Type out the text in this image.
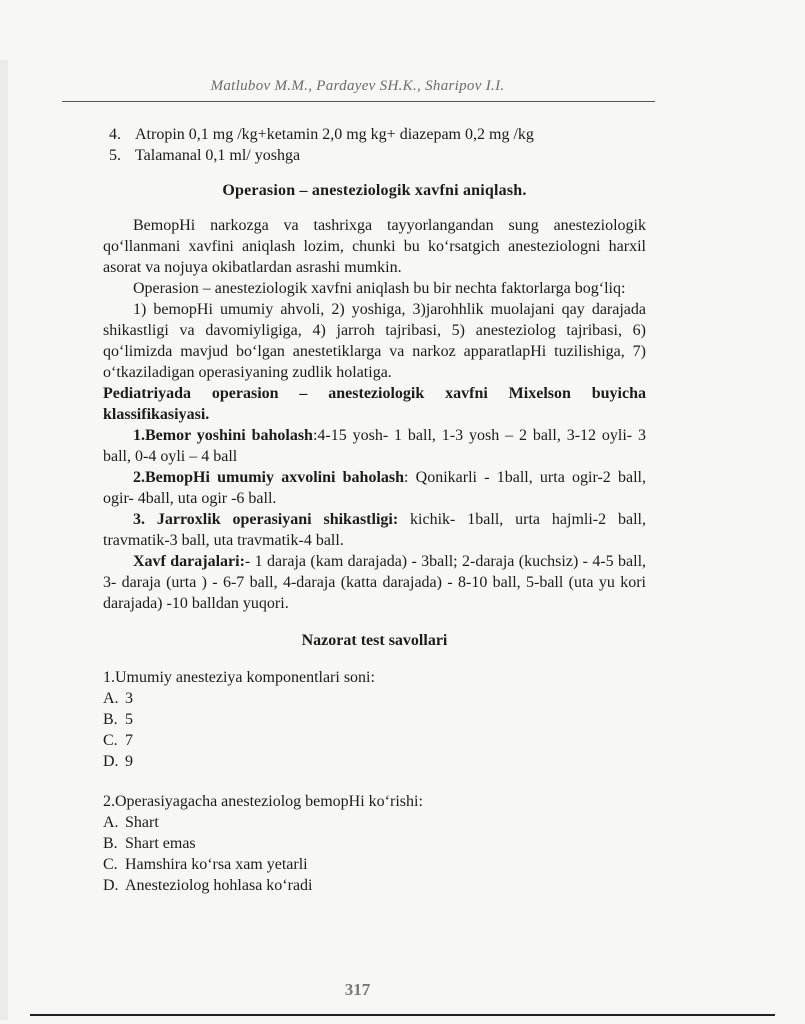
Matlubov M.M., Pardayev SH.K., Sharipov I.I.
4. Atropin 0,1 mg /kg+ketamin 2,0 mg kg+ diazepam 0,2 mg /kg
5. Talamanal 0,1 ml/ yoshga
Operasion – anesteziologik xavfni aniqlash.

BemopHi narkozga va tashrixga tayyorlangandan sung anesteziologik qo‘llanmani xavfini aniqlash lozim, chunki bu ko‘rsatgich anesteziologni harxil asorat va nojuya okibatlardan asrashi mumkin.

Operasion – anesteziologik xavfni aniqlash bu bir nechta faktorlarga bog‘liq:

1) bemopHi umumiy ahvoli, 2) yoshiga, 3)jarohhlik muolajani qay darajada shikastligi va davomiyligiga, 4) jarroh tajribasi, 5) anesteziolog tajribasi, 6) qo‘limizda mavjud bo‘lgan anestetiklarga va narkoz apparatlapHi tuzilishiga, 7) o‘tkaziladigan operasiyaning zudlik holatiga.

Pediatriyada operasion – anesteziologik xavfni Mixelson buyicha klassifikasiyasi.

1.Bemor yoshini baholash:4-15 yosh- 1 ball, 1-3 yosh – 2 ball, 3-12 oyli- 3 ball, 0-4 oyli – 4 ball

2.BemopHi umumiy axvolini baholash: Qonikarli - 1ball, urta ogir-2 ball, ogir- 4ball, uta ogir -6 ball.

3. Jarroxlik operasiyani shikastligi: kichik- 1ball, urta hajmli-2 ball, travmatik-3 ball, uta travmatik-4 ball.

Xavf darajalari:- 1 daraja (kam darajada) - 3ball; 2-daraja (kuchsiz) - 4-5 ball, 3- daraja (urta ) - 6-7 ball, 4-daraja (katta darajada) - 8-10 ball, 5-ball (uta yu kori darajada) -10 balldan yuqori.

Nazorat test savollari

1.Umumiy anesteziya komponentlari soni:

A. 3

B. 5

C. 7

D. 9

2.Operasiyagacha anesteziolog bemopHi ko‘rishi:

A. Shart

B. Shart emas

C. Hamshira ko‘rsa xam yetarli

D. Anesteziolog hohlasa ko‘radi

317
